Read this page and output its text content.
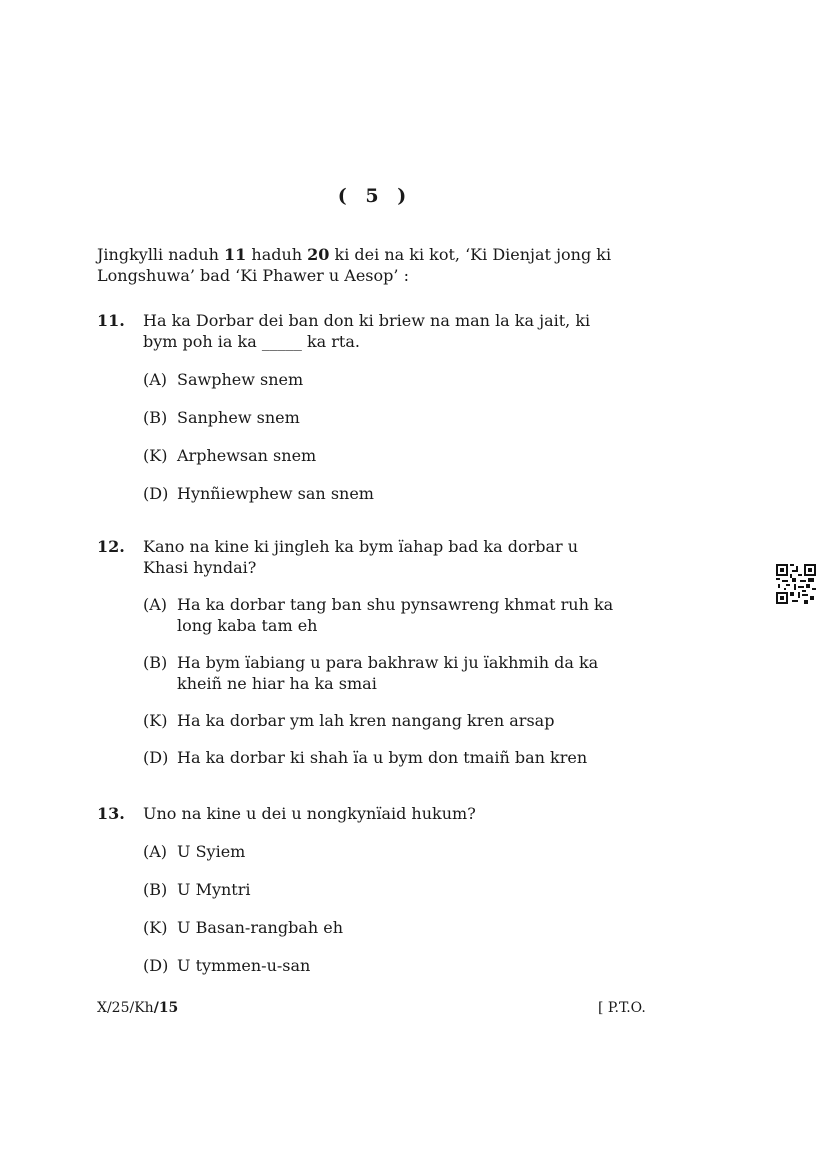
( 5 )
Jingkylli naduh 11 haduh 20 ki dei na ki kot, ‘Ki Dienjat jong ki Longshuwa’ bad ‘Ki Phawer u Aesop’ :
11. Ha ka Dorbar dei ban don ki briew na man la ka jait, ki bym poh ia ka _____ ka rta.
(A) Sawphew snem
(B) Sanphew snem
(K) Arphewsan snem
(D) Hynñiewphew san snem
12. Kano na kine ki jingleh ka bym ïahap bad ka dorbar u Khasi hyndai?
(A) Ha ka dorbar tang ban shu pynsawreng khmat ruh ka long kaba tam eh
(B) Ha bym ïabiang u para bakhraw ki ju ïakhmih da ka kheiñ ne hiar ha ka smai
(K) Ha ka dorbar ym lah kren nangang kren arsap
(D) Ha ka dorbar ki shah ïa u bym don tmaiñ ban kren
13. Uno na kine u dei u nongkynïaid hukum?
(A) U Syiem
(B) U Myntri
(K) U Basan-rangbah eh
(D) U tymmen-u-san
X/25/Kh/15	[ P.T.O.
